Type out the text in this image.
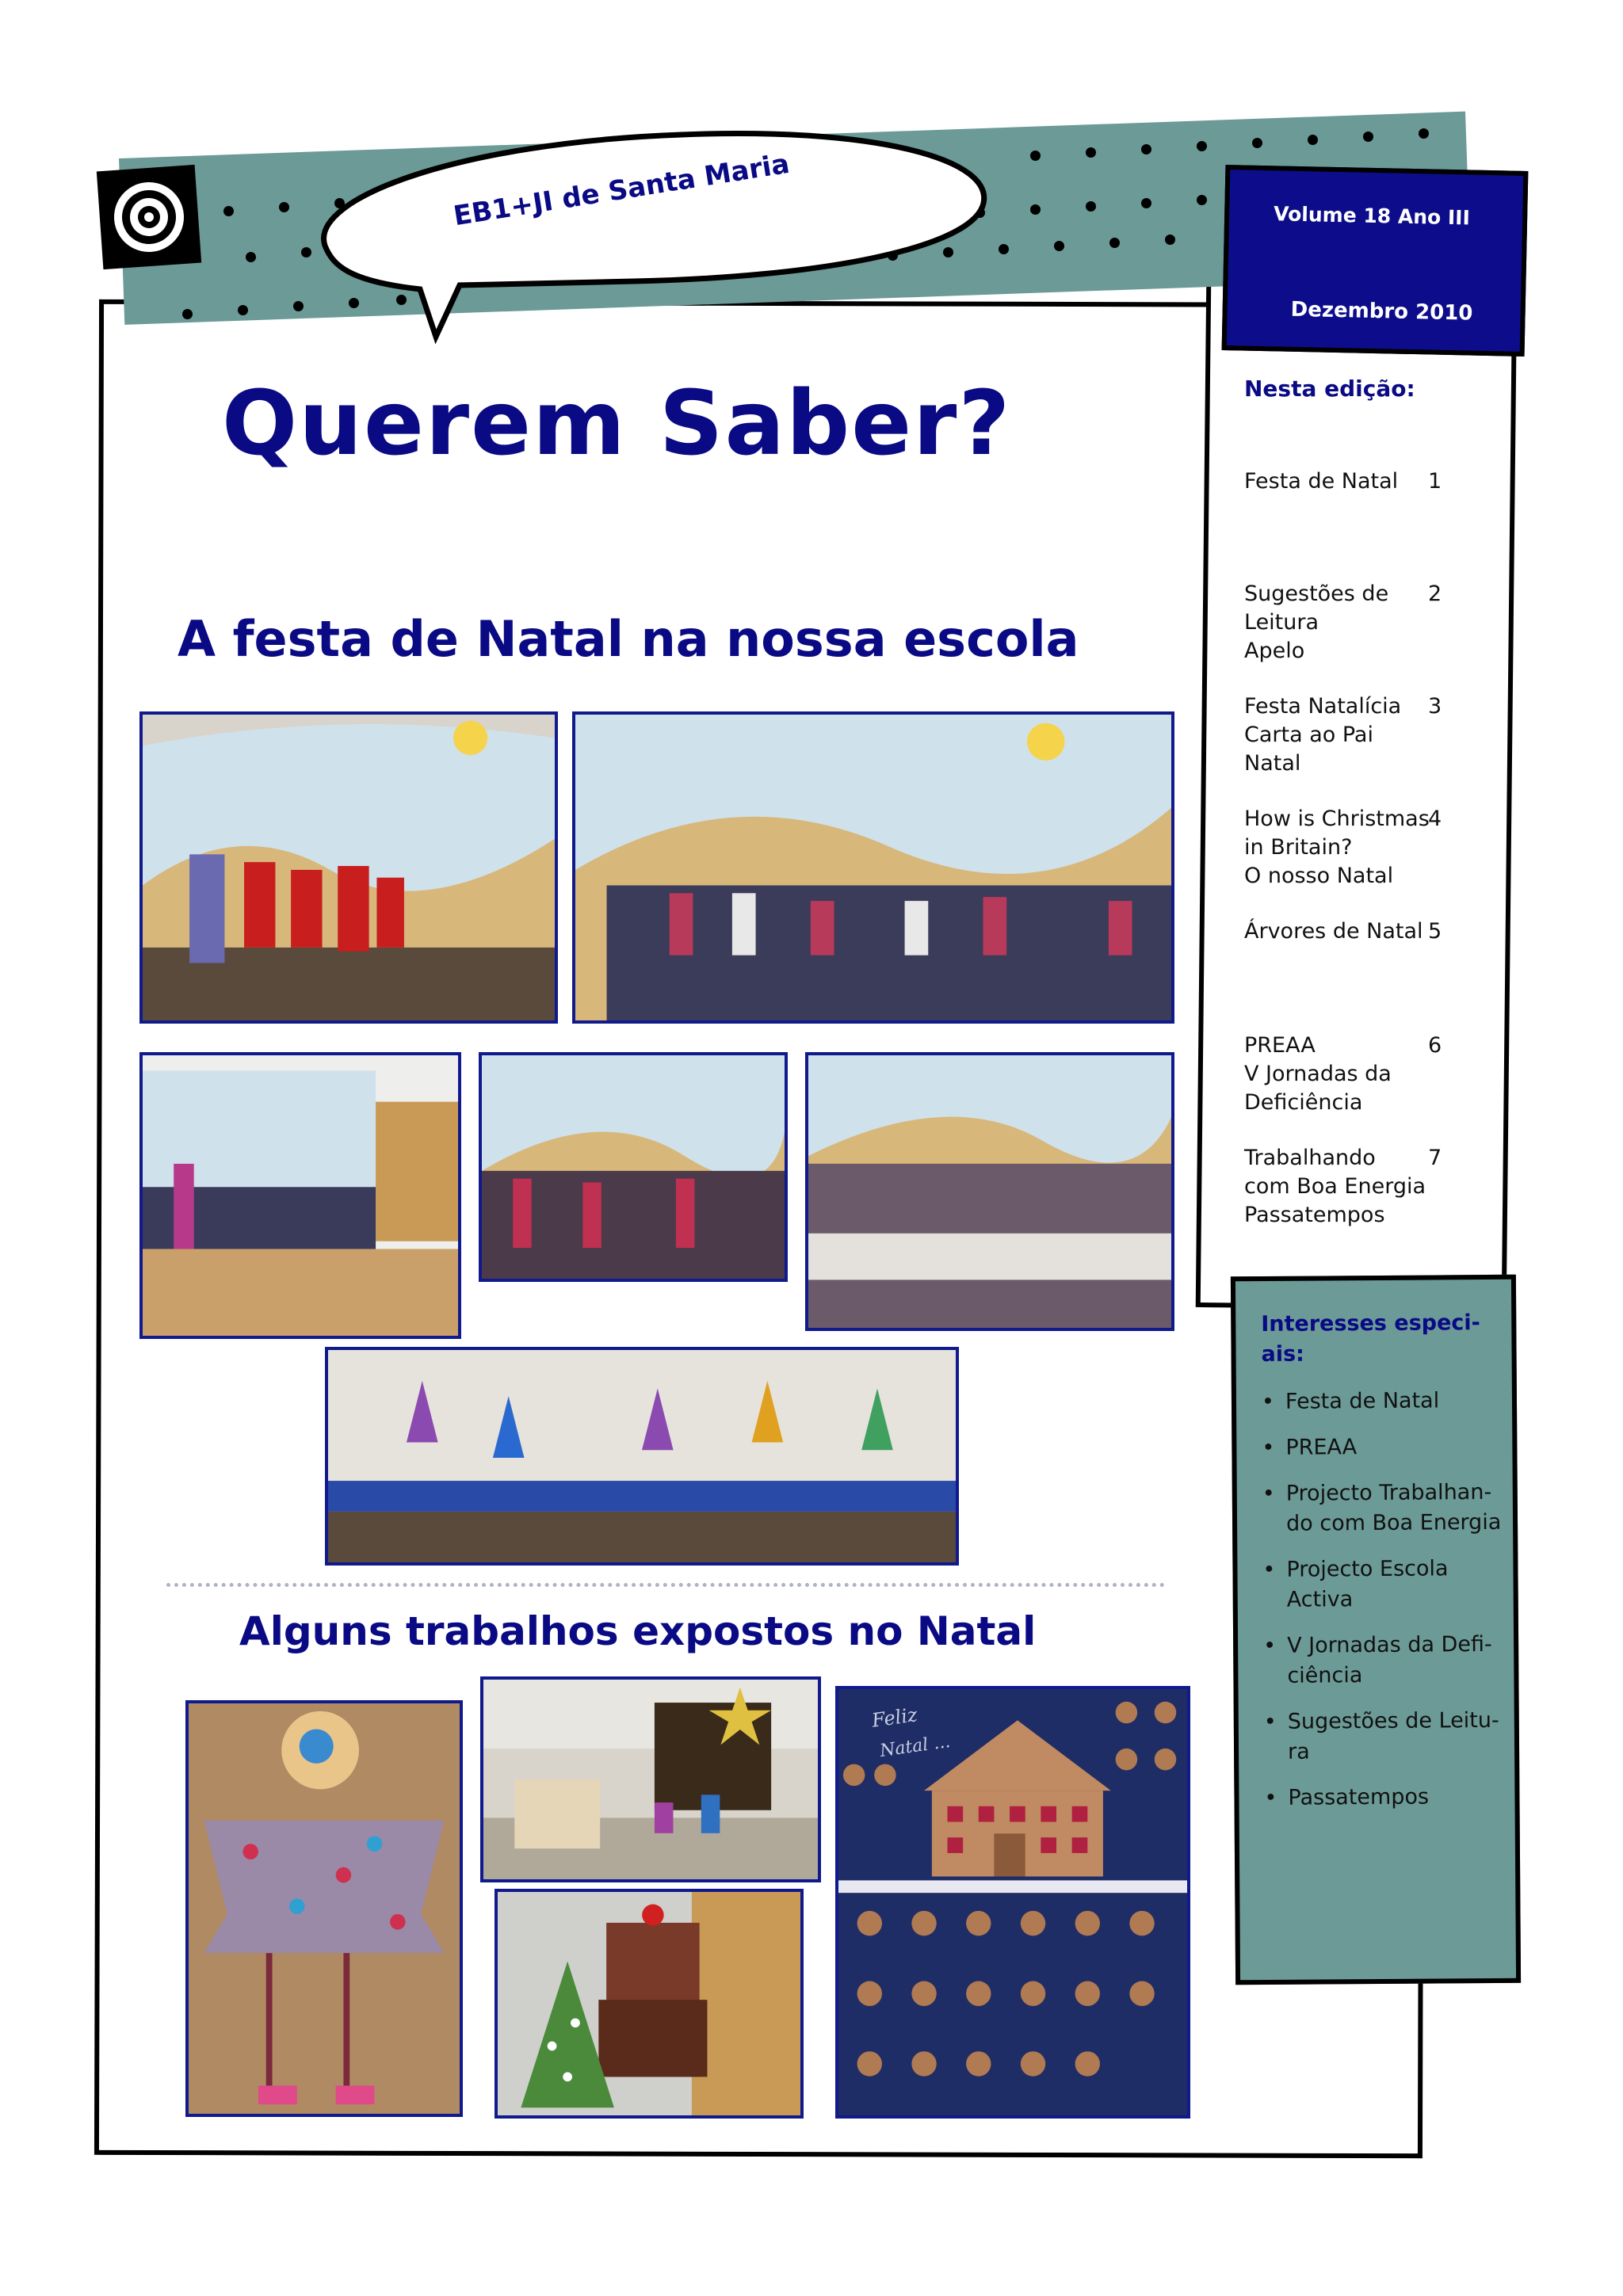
EB1+JI de Santa Maria	Volume 18 Ano III
Dezembro 2010
Querem Saber?
A festa de Natal na nossa escola
Alguns trabalhos expostos no Natal
Feliz
Natal ...
Nesta edição:
Festa de Natal	1
Sugestões de
Leitura
Apelo
2
Festa Natalícia
Carta ao Pai
Natal
3
How is Christmas
in Britain?
O nosso Natal
4
Árvores de Natal 5
PREAA
V Jornadas da
Deficiência
6
Trabalhando
com Boa Energia
Passatempos
7
Interesses especi-
ais:
• Festa de Natal
• PREAA
• Projecto Trabalhan-
do com Boa Energia
• Projecto Escola
Activa
• V Jornadas da Defi-
ciência
• Sugestões de Leitu-
ra
• Passatempos
